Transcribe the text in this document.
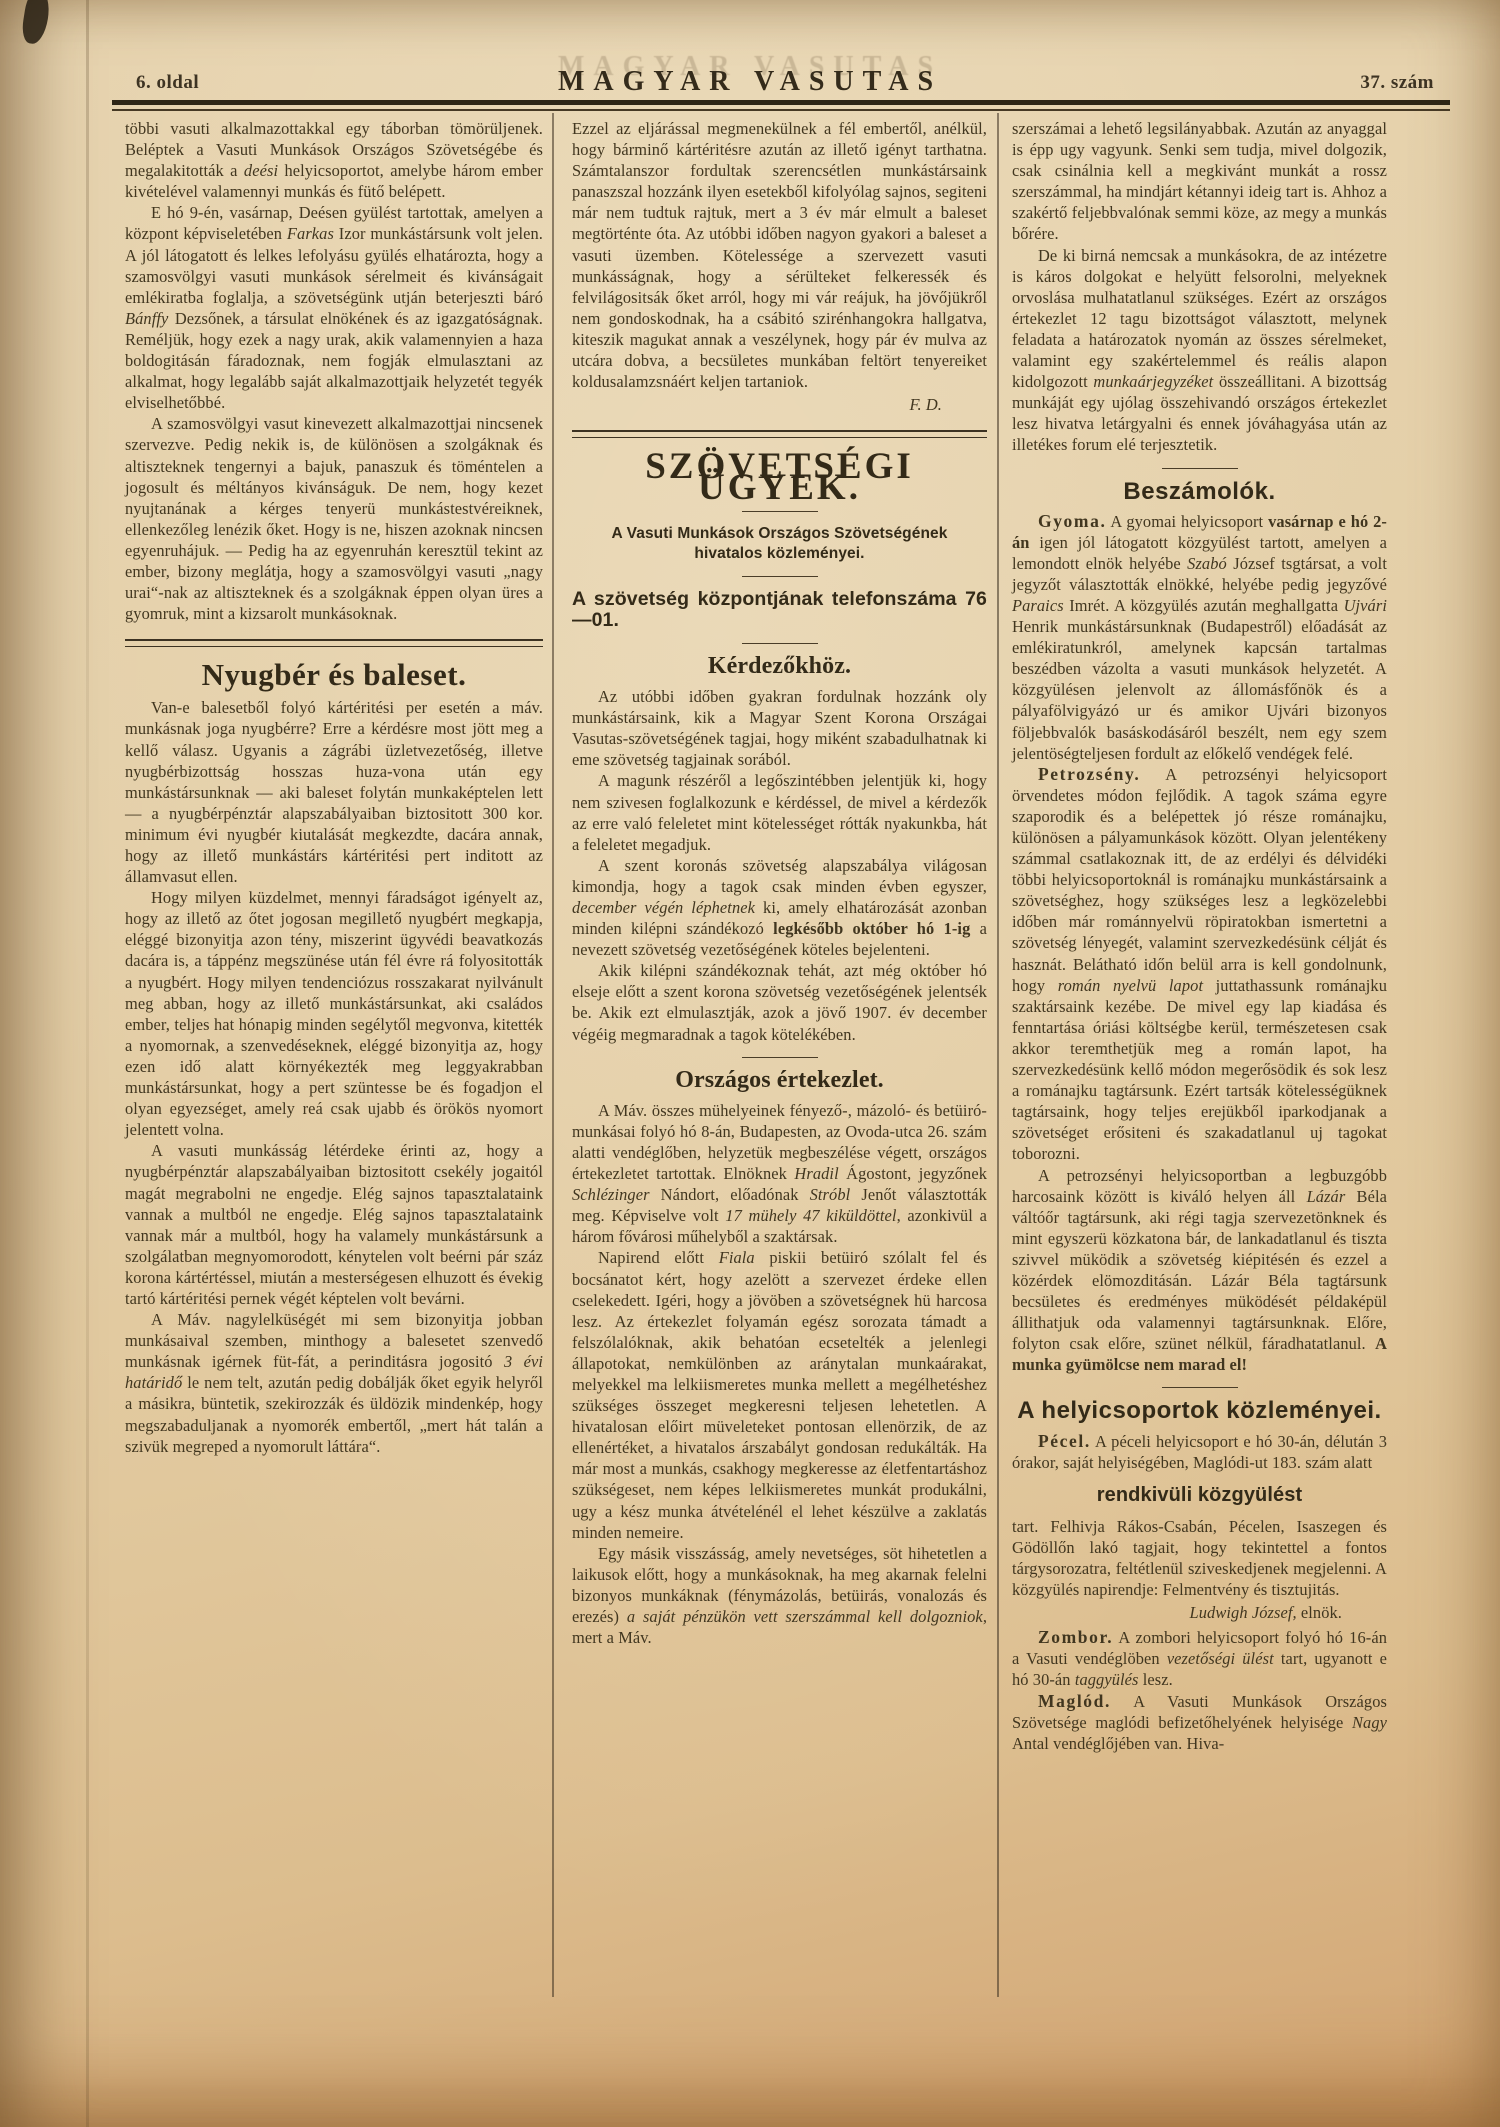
6. oldal	MAGYAR VASUTAS	37. szám

többi vasuti alkalmazottakkal egy táborban tömörüljenek. Beléptek a Vasuti Munkások Országos Szövetségébe és megalakitották a deési helyicsoportot, amelybe három ember kivételével valamennyi munkás és fütő belépett.

E hó 9-én, vasárnap, Deésen gyülést tartottak, amelyen a központ képviseletében Farkas Izor munkástársunk volt jelen. A jól látogatott és lelkes lefolyásu gyülés elhatározta, hogy a szamosvölgyi vasuti munkások sérelmeit és kivánságait emlékiratba foglalja, a szövetségünk utján beterjeszti báró Bánffy Dezsőnek, a társulat elnökének és az igazgatóságnak. Reméljük, hogy ezek a nagy urak, akik valamennyien a haza boldogitásán fáradoznak, nem fogják elmulasztani az alkalmat, hogy legalább saját alkalmazottjaik helyzetét tegyék elviselhetőbbé.

A szamosvölgyi vasut kinevezett alkalmazottjai nincsenek szervezve. Pedig nekik is, de különösen a szolgáknak és altiszteknek tengernyi a bajuk, panaszuk és töméntelen a jogosult és méltányos kivánságuk. De nem, hogy kezet nyujtanának a kérges tenyerü munkástestvéreiknek, ellenkezőleg lenézik őket. Hogy is ne, hiszen azoknak nincsen egyenruhájuk. — Pedig ha az egyenruhán keresztül tekint az ember, bizony meglátja, hogy a szamosvölgyi vasuti „nagy urai“-nak az altiszteknek és a szolgáknak éppen olyan üres a gyomruk, mint a kizsarolt munkásoknak.

Nyugbér és baleset.

Van-e balesetből folyó kártéritési per esetén a máv. munkásnak joga nyugbérre? Erre a kérdésre most jött meg a kellő válasz. Ugyanis a zágrábi üzletvezetőség, illetve nyugbérbizottság hosszas huza-vona után egy munkástársunknak — aki baleset folytán munkaképtelen lett — a nyugbérpénztár alapszabályaiban biztositott 300 kor. minimum évi nyugbér kiutalását megkezdte, dacára annak, hogy az illető munkástárs kártéritési pert inditott az államvasut ellen.

Hogy milyen küzdelmet, mennyi fáradságot igényelt az, hogy az illető az őtet jogosan megillető nyugbért megkapja, eléggé bizonyitja azon tény, miszerint ügyvédi beavatkozás dacára is, a táppénz megszünése után fél évre rá folyositották a nyugbért. Hogy milyen tendenciózus rosszakarat nyilvánult meg abban, hogy az illető munkástársunkat, aki családos ember, teljes hat hónapig minden segélytől megvonva, kitették a nyomornak, a szenvedéseknek, eléggé bizonyitja az, hogy ezen idő alatt környékezték meg leggyakrabban munkástársunkat, hogy a pert szüntesse be és fogadjon el olyan egyezséget, amely reá csak ujabb és örökös nyomort jelentett volna.

A vasuti munkásság létérdeke érinti az, hogy a nyugbérpénztár alapszabályaiban biztositott csekély jogaitól magát megrabolni ne engedje. Elég sajnos tapasztalataink vannak a multból ne engedje. Elég sajnos tapasztalataink vannak már a multból, hogy ha valamely munkástársunk a szolgálatban megnyomorodott, kénytelen volt beérni pár száz korona kártértéssel, miután a mesterségesen elhuzott és évekig tartó kártéritési pernek végét képtelen volt bevárni.

A Máv. nagylelküségét mi sem bizonyitja jobban munkásaival szemben, minthogy a balesetet szenvedő munkásnak igérnek füt-fát, a perinditásra jogositó 3 évi határidő le nem telt, azután pedig dobálják őket egyik helyről a másikra, büntetik, szekirozzák és üldözik mindenkép, hogy megszabaduljanak a nyomorék embertől, „mert hát talán a szivük megreped a nyomorult láttára“.

Ezzel az eljárással megmenekülnek a fél embertől, anélkül, hogy bárminő kártéritésre azután az illető igényt tarthatna. Számtalanszor fordultak szerencsétlen munkástársaink panaszszal hozzánk ilyen esetekből kifolyólag sajnos, segiteni már nem tudtuk rajtuk, mert a 3 év már elmult a baleset megtörténte óta. Az utóbbi időben nagyon gyakori a baleset a vasuti üzemben. Kötelessége a szervezett vasuti munkásságnak, hogy a sérülteket felkeressék és felvilágositsák őket arról, hogy mi vár reájuk, ha jövőjükről nem gondoskodnak, ha a csábitó szirénhangokra hallgatva, kiteszik magukat annak a veszélynek, hogy pár év mulva az utcára dobva, a becsületes munkában feltört tenyereiket koldusalamzsnáért keljen tartaniok.

F. D.
SZÖVETSÉGI ÜGYEK.
A Vasuti Munkások Országos Szövetségének hivatalos közleményei.
A szövetség központjának telefonszáma 76—01.
Kérdezőkhöz.

Az utóbbi időben gyakran fordulnak hozzánk oly munkástársaink, kik a Magyar Szent Korona Országai Vasutas-szövetségének tagjai, hogy miként szabadulhatnak ki eme szövetség tagjainak sorából.

A magunk részéről a legőszintébben jelentjük ki, hogy nem szivesen foglalkozunk e kérdéssel, de mivel a kérdezők az erre való feleletet mint kötelességet rótták nyakunkba, hát a feleletet megadjuk.

A szent koronás szövetség alapszabálya világosan kimondja, hogy a tagok csak minden évben egyszer, december végén léphetnek ki, amely elhatározását azonban minden kilépni szándékozó legkésőbb október hó 1-ig a nevezett szövetség vezetőségének köteles bejelenteni.

Akik kilépni szándékoznak tehát, azt még október hó elseje előtt a szent korona szövetség vezetőségének jelentsék be. Akik ezt elmulasztják, azok a jövő 1907. év december végéig megmaradnak a tagok kötelékében.

Országos értekezlet.

A Máv. összes mühelyeinek fényező-, mázoló- és betüiró-munkásai folyó hó 8-án, Budapesten, az Ovoda-utca 26. szám alatti vendéglőben, helyzetük megbeszélése végett, országos értekezletet tartottak. Elnöknek Hradil Ágostont, jegyzőnek Schlézinger Nándort, előadónak Stróbl Jenőt választották meg. Képviselve volt 17 mühely 47 kiküldöttel, azonkivül a három fővárosi műhelyből a szaktársak.

Napirend előtt Fiala piskii betüiró szólalt fel és bocsánatot kért, hogy azelött a szervezet érdeke ellen cselekedett. Igéri, hogy a jövöben a szövetségnek hü harcosa lesz. Az értekezlet folyamán egész sorozata támadt a felszólalóknak, akik behatóan ecsetelték a jelenlegi állapotokat, nemkülönben az aránytalan munkaárakat, melyekkel ma lelkiismeretes munka mellett a megélhetéshez szükséges összeget megkeresni teljesen lehetetlen. A hivatalosan előirt müveleteket pontosan ellenörzik, de az ellenértéket, a hivatalos árszabályt gondosan redukálták. Ha már most a munkás, csakhogy megkeresse az életfentartáshoz szükségeset, nem képes lelkiismeretes munkát produkálni, ugy a kész munka átvételénél el lehet készülve a zaklatás minden nemeire.

Egy másik visszásság, amely nevetséges, söt hihetetlen a laikusok előtt, hogy a munkásoknak, ha meg akarnak felelni bizonyos munkáknak (fénymázolás, betüirás, vonalozás és erezés) a saját pénzükön vett szerszámmal kell dolgozniok, mert a Máv.

szerszámai a lehető legsilányabbak. Azután az anyaggal is épp ugy vagyunk. Senki sem tudja, mivel dolgozik, csak csinálnia kell a megkivánt munkát a rossz szerszámmal, ha mindjárt kétannyi ideig tart is. Ahhoz a szakértő feljebbvalónak semmi köze, az megy a munkás bőrére.

De ki birná nemcsak a munkásokra, de az intézetre is káros dolgokat e helyütt felsorolni, melyeknek orvoslása mulhatatlanul szükséges. Ezért az országos értekezlet 12 tagu bizottságot választott, melynek feladata a határozatok nyomán az összes sérelmeket, valamint egy szakértelemmel és reális alapon kidolgozott munkaárjegyzéket összeállitani. A bizottság munkáját egy ujólag összehivandó országos értekezlet lesz hivatva letárgyalni és ennek jóváhagyása után az illetékes forum elé terjesztetik.

Beszámolók.

Gyoma. A gyomai helyicsoport vasárnap e hó 2-án igen jól látogatott közgyülést tartott, amelyen a lemondott elnök helyébe Szabó József tsgtársat, a volt jegyzőt választották elnökké, helyébe pedig jegyzővé Paraics Imrét. A közgyülés azután meghallgatta Ujvári Henrik munkástársunknak (Budapestről) előadását az emlékiratunkról, amelynek kapcsán tartalmas beszédben vázolta a vasuti munkások helyzetét. A közgyülésen jelenvolt az állomásfőnök és a pályafölvigyázó ur és amikor Ujvári bizonyos följebbvalók basáskodásáról beszélt, nem egy szem jelentöségteljesen fordult az előkelő vendégek felé.

Petrozsény. A petrozsényi helyicsoport örvendetes módon fejlődik. A tagok száma egyre szaporodik és a belépettek jó része románajku, különösen a pályamunkások között. Olyan jelentékeny számmal csatlakoznak itt, de az erdélyi és délvidéki többi helyicsoportoknál is románajku munkástársaink a szövetséghez, hogy szükséges lesz a legközelebbi időben már románnyelvü röpiratokban ismertetni a szövetség lényegét, valamint szervezkedésünk célját és hasznát. Belátható időn belül arra is kell gondolnunk, hogy román nyelvü lapot juttathassunk románajku szaktársaink kezébe. De mivel egy lap kiadása és fenntartása óriási költségbe kerül, természetesen csak akkor teremthetjük meg a román lapot, ha szervezkedésünk kellő módon megerősödik és sok lesz a románajku tagtársunk. Ezért tartsák kötelességüknek tagtársaink, hogy teljes erejükből iparkodjanak a szövetséget erősiteni és szakadatlanul uj tagokat toborozni.

A petrozsényi helyicsoportban a legbuzgóbb harcosaink között is kiváló helyen áll Lázár Béla váltóőr tagtársunk, aki régi tagja szervezetönknek és mint egyszerü közkatona bár, de lankadatlanul és tiszta szivvel müködik a szövetség kiépitésén és ezzel a közérdek elömozditásán. Lázár Béla tagtársunk becsületes és eredményes müködését példaképül állithatjuk oda valamennyi tagtársunknak. Előre, folyton csak előre, szünet nélkül, fáradhatatlanul. A munka gyümölcse nem marad el!

A helyicsoportok közleményei.

Pécel. A péceli helyicsoport e hó 30-án, délután 3 órakor, saját helyiségében, Maglódi-ut 183. szám alatt

rendkivüli közgyülést

tart. Felhivja Rákos-Csabán, Pécelen, Isaszegen és Gödöllőn lakó tagjait, hogy tekintettel a fontos tárgysorozatra, feltétlenül sziveskedjenek megjelenni. A közgyülés napirendje: Felmentvény és tisztujitás.

Ludwigh József, elnök.

Zombor. A zombori helyicsoport folyó hó 16-án a Vasuti vendéglöben vezetőségi ülést tart, ugyanott e hó 30-án taggyülés lesz.

Maglód. A Vasuti Munkások Országos Szövetsége maglódi befizetőhelyének helyisége Nagy Antal vendéglőjében van. Hiva-
